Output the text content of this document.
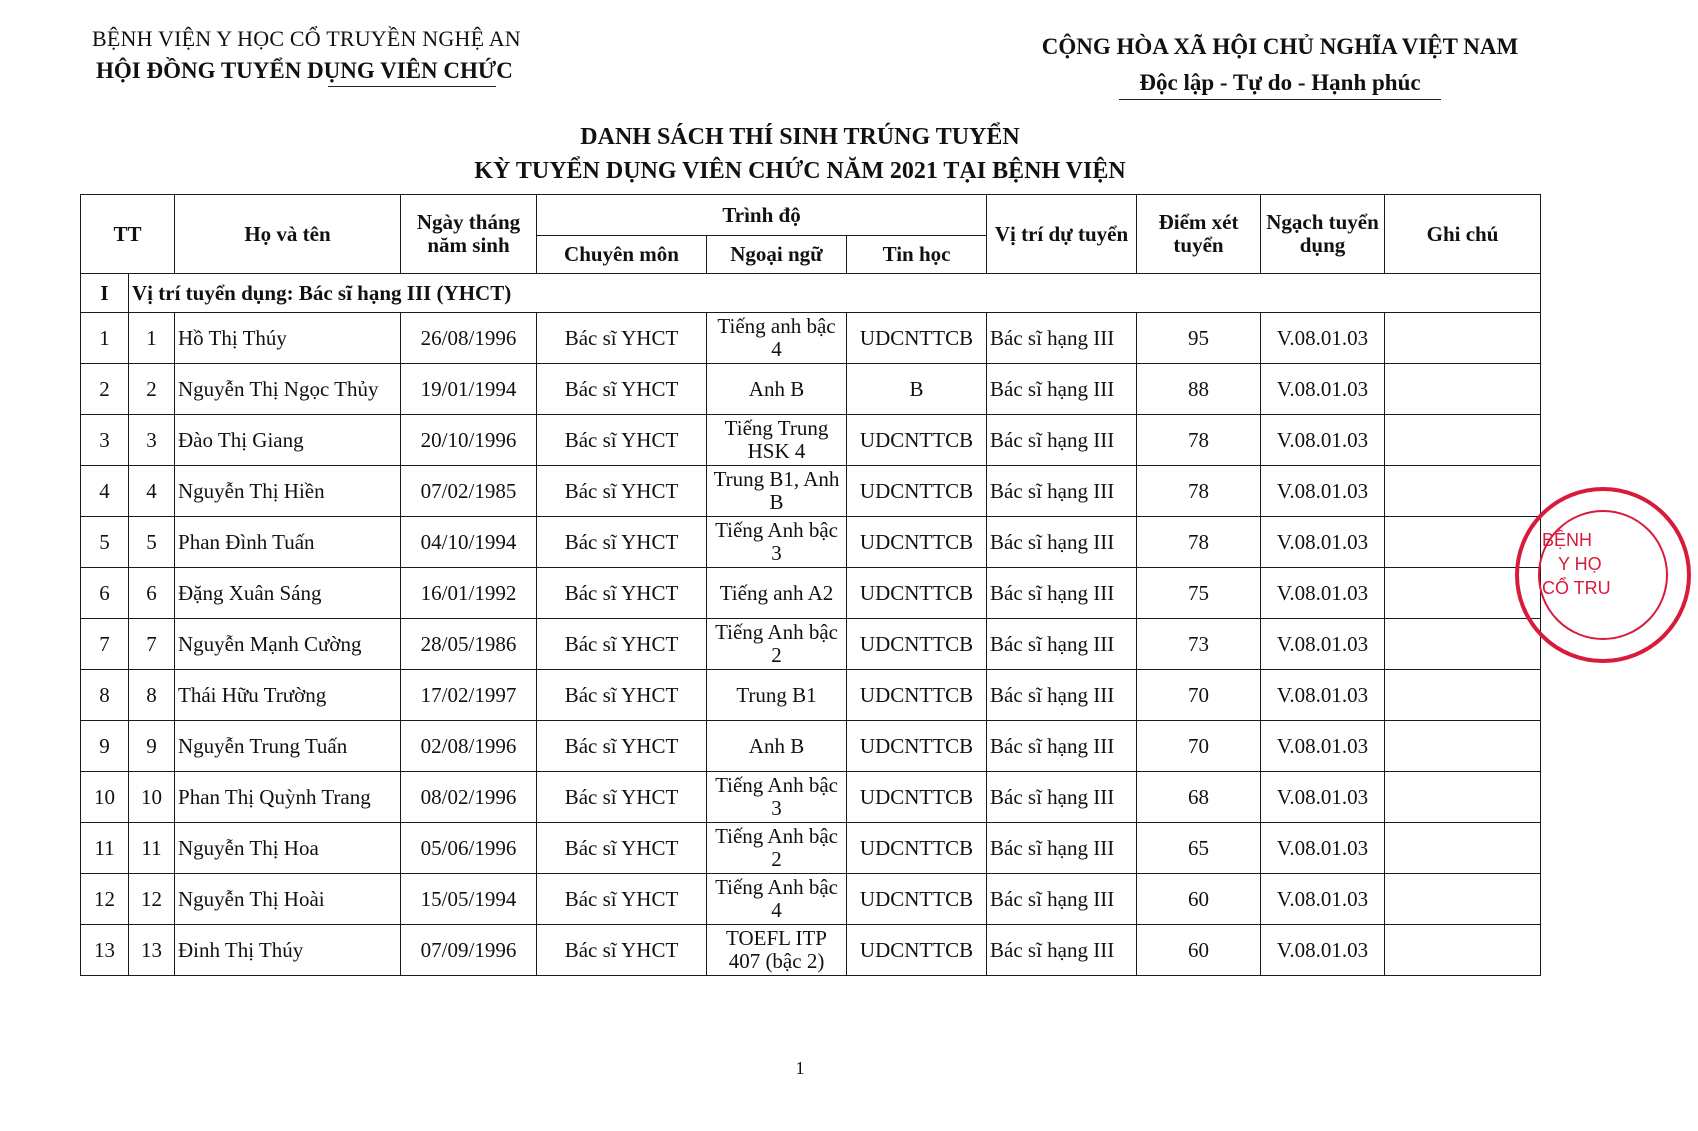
BỆNH VIỆN Y HỌC CỔ TRUYỀN NGHỆ AN
HỘI ĐỒNG TUYỂN DỤNG VIÊN CHỨC
CỘNG HÒA XÃ HỘI CHỦ NGHĨA VIỆT NAM
Độc lập - Tự do - Hạnh phúc
DANH SÁCH THÍ SINH TRÚNG TUYỂN
KỲ TUYỂN DỤNG VIÊN CHỨC NĂM 2021 TẠI BỆNH VIỆN
TT		Họ và tên	Ngày tháng năm sinh	Trình độ			Vị trí dự tuyển	Điểm xét tuyển	Ngạch tuyển dụng	Ghi chú
				Chuyên môn	Ngoại ngữ	Tin học				
I	Vị trí tuyển dụng: Bác sĩ hạng III (YHCT)									
1	1	Hồ Thị Thúy	26/08/1996	Bác sĩ YHCT	Tiếng anh bậc 4	UDCNTTCB	Bác sĩ hạng III	95	V.08.01.03	
2	2	Nguyễn Thị Ngọc Thủy	19/01/1994	Bác sĩ YHCT	Anh B	B	Bác sĩ hạng III	88	V.08.01.03	
3	3	Đào Thị Giang	20/10/1996	Bác sĩ YHCT	Tiếng Trung HSK 4	UDCNTTCB	Bác sĩ hạng III	78	V.08.01.03	
4	4	Nguyễn Thị Hiền	07/02/1985	Bác sĩ YHCT	Trung B1, Anh B	UDCNTTCB	Bác sĩ hạng III	78	V.08.01.03	
5	5	Phan Đình Tuấn	04/10/1994	Bác sĩ YHCT	Tiếng Anh bậc 3	UDCNTTCB	Bác sĩ hạng III	78	V.08.01.03	
6	6	Đặng Xuân Sáng	16/01/1992	Bác sĩ YHCT	Tiếng anh A2	UDCNTTCB	Bác sĩ hạng III	75	V.08.01.03	
7	7	Nguyễn Mạnh Cường	28/05/1986	Bác sĩ YHCT	Tiếng Anh bậc 2	UDCNTTCB	Bác sĩ hạng III	73	V.08.01.03	
8	8	Thái Hữu Trường	17/02/1997	Bác sĩ YHCT	Trung B1	UDCNTTCB	Bác sĩ hạng III	70	V.08.01.03	
9	9	Nguyễn Trung Tuấn	02/08/1996	Bác sĩ YHCT	Anh B	UDCNTTCB	Bác sĩ hạng III	70	V.08.01.03	
10	10	Phan Thị Quỳnh Trang	08/02/1996	Bác sĩ YHCT	Tiếng Anh bậc 3	UDCNTTCB	Bác sĩ hạng III	68	V.08.01.03	
11	11	Nguyễn Thị Hoa	05/06/1996	Bác sĩ YHCT	Tiếng Anh bậc 2	UDCNTTCB	Bác sĩ hạng III	65	V.08.01.03	
12	12	Nguyễn Thị Hoài	15/05/1994	Bác sĩ YHCT	Tiếng Anh bậc 4	UDCNTTCB	Bác sĩ hạng III	60	V.08.01.03	
13	13	Đinh Thị Thúy	07/09/1996	Bác sĩ YHCT	TOEFL ITP 407 (bậc 2)	UDCNTTCB	Bác sĩ hạng III	60	V.08.01.03	
BỆNH
Y HỌ
CỔ TRU
1
